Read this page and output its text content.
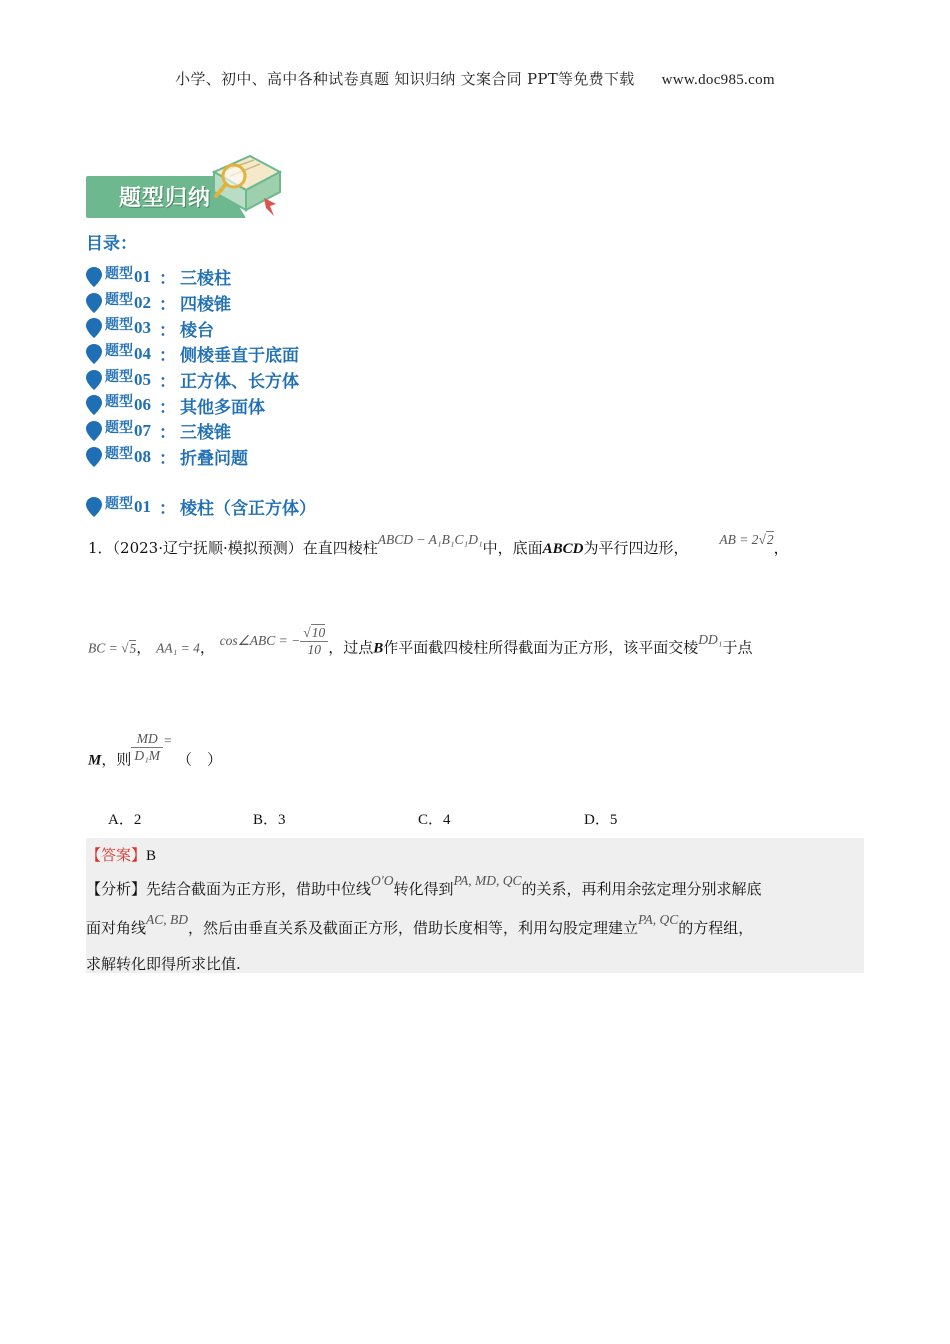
小学、初中、高中各种试卷真题 知识归纳 文案合同 PPT等免费下载 www.doc985.com
题型归纳
目录：
题型 01 ： 三棱柱
题型 02 ： 四棱锥
题型 03 ： 棱台
题型 04 ： 侧棱垂直于底面
题型 05 ： 正方体、长方体
题型 06 ： 其他多面体
题型 07 ： 三棱锥
题型 08 ： 折叠问题
题型 01 ： 棱柱（含正方体）
1．（2023·辽宁抚顺·模拟预测）在直四棱柱ABCD − A₁B₁C₁D₁中，底面ABCD为平行四边形， AB = 2√2，
BC = √5， AA₁ = 4， cos∠ABC = − $\frac{√10}{10}$ ，过点B作平面截四棱柱所得截面为正方形，该平面交棱DD₁于点
M，则 $\frac{MD}{\text{D₁M}}$ = （　）
A．2	B．3	C．4	D．5
【答案】B
【分析】先结合截面为正方形，借助中位线O′O转化得到PA, MD, QC的关系，再利用余弦定理分别求解底
面对角线AC, BD，然后由垂直关系及截面正方形，借助长度相等，利用勾股定理建立PA, QC的方程组，
求解转化即得所求比值.
